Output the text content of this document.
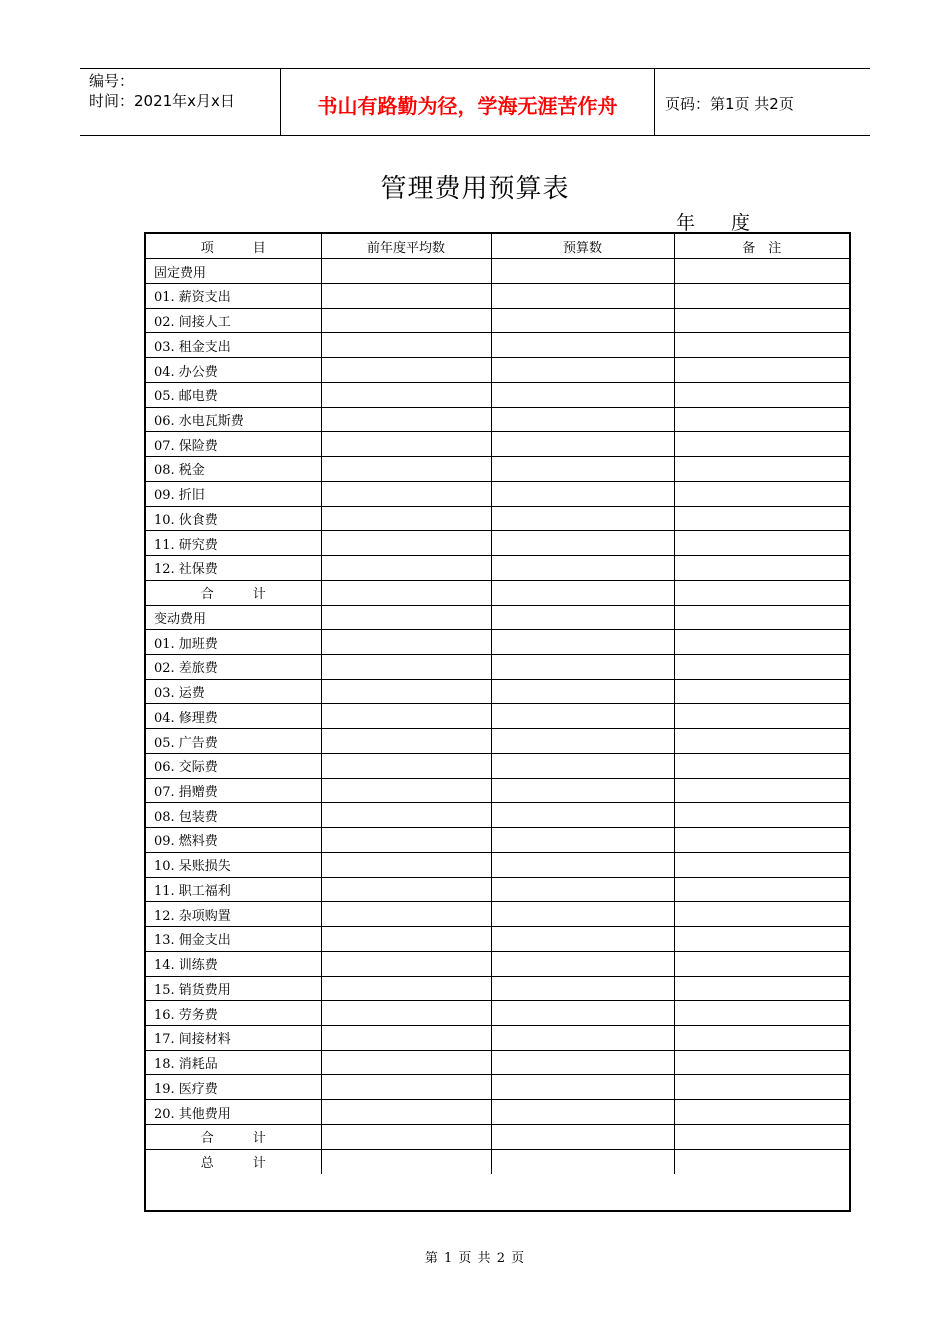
编号：
时间：2021年x月x日	书山有路勤为径，学海无涯苦作舟	页码：第1页 共2页
管理费用预算表
年度
项　　　目	前年度平均数	预算数	备　注
固定费用			
01. 薪资支出			
02. 间接人工			
03. 租金支出			
04. 办公费			
05. 邮电费			
06. 水电瓦斯费			
07. 保险费			
08. 税金			
09. 折旧			
10. 伙食费			
11. 研究费			
12. 社保费			
合　　　计			
变动费用			
01. 加班费			
02. 差旅费			
03. 运费			
04. 修理费			
05. 广告费			
06. 交际费			
07. 捐赠费			
08. 包装费			
09. 燃料费			
10. 呆账损失			
11. 职工福利			
12. 杂项购置			
13. 佣金支出			
14. 训练费			
15. 销货费用			
16. 劳务费			
17. 间接材料			
18. 消耗品			
19. 医疗费			
20. 其他费用			
合　　　计			
总　　　计			
第 1 页 共 2 页
